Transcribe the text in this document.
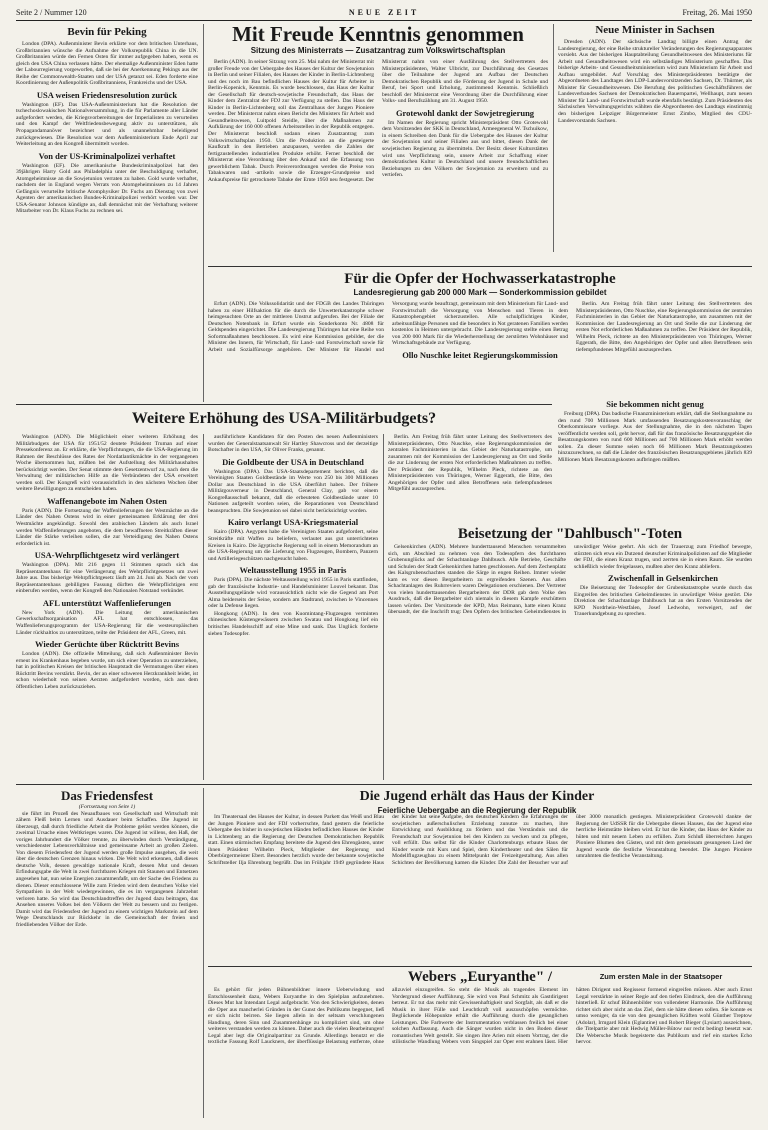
Seite 2 / Nummer 120	NEUE ZEIT	Freitag, 26. Mai 1950
Bevin für Peking

London (DPA). Außenminister Bevin erklärte vor dem britischen Unterhaus, Großbritannien wünsche die Aufnahme der Volksrepublik China in die UN. Großbritannien würde den Fernen Osten für immer aufgegeben haben, wenn es gleich den USA China verlassen hätte. Der ehemalige Außenminister Eden hatte der Labourregierung vorgeworfen, daß sie bei der Anerkennung Pekings aus der Reihe der Commonwealth-Staaten und der USA getanzt sei. Eden forderte eine Koordinierung der Außenpolitik Großbritanniens, Frankreichs und der USA.

USA weisen Friedensresolution zurück

Washington (EF). Das USA-Außenministerium hat die Resolution der tschechoslowakischen Nationalversammlung, in die für Parlamente aller Länder aufgefordert werden, die Kriegsvorbereitungen der Imperialisten zu verurteilen und den Kampf der Weltfriedensbewegung aktiv zu unterstützen, als Propagandamanöver bezeichnet und als unannehmbar beleidigend zurückgewiesen. Die Resolution war dem Außenministerium Ende April zur Weiterleitung an den Kongreß übermittelt worden.

Von der US-Kriminalpolizei verhaftet

Washington (EF). Die amerikanische Bundeskriminalpolizei hat den 39jährigen Harry Gold aus Philadelphia unter der Beschuldigung verhaftet, Atomgeheimnisse an die Sowjetunion verraten zu haben. Gold wurde verhaftet, nachdem der in England wegen Verrats von Atomgeheimnissen zu 14 Jahren Gefängnis verurteilte britische Atomphysiker Dr. Fuchs am Dienstag von zwei Agenten der amerikanischen Bundes-Kriminalpolizei verhört worden war. Der USA-Senator Johnson kündigte an, daß demnächst mit der Verhaftung weiterer Mitarbeiter von Dr. Klaus Fuchs zu rechnen sei.

Mit Freude Kenntnis genommen
Sitzung des Ministerrats — Zusatzantrag zum Volkswirtschaftsplan

Berlin (ADN). In seiner Sitzung vom 25. Mai nahm der Ministerrat mit großer Freude von der Uebergabe des Hauses der Kultur der Sowjetunion in Berlin und seiner Filialen, des Hauses der Kinder in Berlin-Lichtenberg und des noch im Bau befindlichen Hauses der Kultur für Arbeiter in Berlin-Kopenick, Kenntnis. Es wurde beschlossen, das Haus der Kultur der Gesellschaft für deutsch-sowjetische Freundschaft, das Haus der Kinder dem Zentralrat der FDJ zur Verfügung zu stellen. Das Haus der Kinder in Berlin-Lichtenberg soll das Zentralhaus der Jungen Pioniere werden. Der Ministerrat nahm einen Bericht des Ministers für Arbeit und Gesundheitswesen, Luitpold Steidle, über die Maßnahmen zur Aufklärung der 160 000 offenen Arbeitsstellen in der Republik entgegen. Der Ministerrat beschloß sodann einen Zusatzantrag zum Volkswirtschaftsplan 1950. Um die Produktion an die gesteigerte Kaufkraft in den Betrieben anzupassen, werden die Zahlen der fertigzustellenden industriellen Produkte erhöht. Ferner beschloß der Ministerrat eine Verordnung über den Ankauf und die Erfassung von gewerblichem Tabak. Durch Preisverordnungen werden die Preise von Tabakwaren und -artikeln sowie die Erzeuger-Grundpreise und Ankaufspreise für getrocknete Tabake der Ernte 1950 neu festgesetzt. Der Ministerrat nahm von einer Ausführung des Stellvertreters des Ministerpräsidenten, Walter Ulbricht, zur Durchführung des Gesetzes über die Teilnahme der Jugend am Aufbau der Deutschen Demokratischen Republik und die Förderung der Jugend in Schule und Beruf, bei Sport und Erholung, zustimmend Kenntnis. Schließlich beschloß der Ministerrat eine Verordnung über die Durchführung einer Volks- und Berufszählung am 31. August 1950.

Grotewohl dankt der Sowjetregierung

Im Namen der Regierung spricht Ministerpräsident Otto Grotewohl dem Vorsitzenden der SKK in Deutschland, Armeegeneral W. Tschuikow, in einem Schreiben den Dank für die Uebergabe des Hauses der Kultur der Sowjetunion und seiner Filialen aus und bittet, diesen Dank der sowjetischen Regierung zu übermitteln. Der Besitz dieser Kulturstätten wird uns Verpflichtung sein, unsere Arbeit zur Schaffung einer demokratischen Kultur in Deutschland und unsere freundschaftlichen Beziehungen zu den Völkern der Sowjetunion zu erweitern und zu vertiefen.

Neue Minister in Sachsen

Dresden (ADN). Der sächsische Landtag billigte einen Antrag der Landesregierung, der eine Reihe struktureller Veränderungen des Regierungsapparates vorsieht. Aus der bisherigen Hauptabteilung Gesundheitswesen des Ministeriums für Arbeit und Gesundheitswesen wird ein selbständiges Ministerium geschaffen. Das bisherige Arbeits- und Gesundheitsministerium wird zum Ministerium für Arbeit und Aufbau umgebildet. Auf Vorschlag des Ministerpräsidenten bestätigte der Abgeordneten des Landtages den LDP-Landesvorsitzenden Sachsen, Dr. Thürmer, als Minister für Gesundheitswesen. Die Berufung des politischen Geschäftsführers der Landesverbandes Sachsen der Demokratischen Bauernpartei, Wellhaupt, zum neuen Minister für Land- und Forstwirtschaft wurde ebenfalls bestätigt. Zum Präsidenten des Sächsischen Verwaltungsgerichts wählten die Abgeordneten des Landtags einstimmig den bisherigen Leipziger Bürgermeister Ernst Zimbo, Mitglied des CDU-Landesvorstands Sachsen.

Für die Opfer der Hochwasserkatastrophe
Landesregierung gab 200 000 Mark — Sonderkommission gebildet

Erfurt (ADN). Die Volkssolidarität und der FDGB des Landes Thüringen haben zu einer Hilfsaktion für die durch die Unwetterkatastrophe schwer heimgesuchten Orte an der mittleren Unstrut aufgerufen. Bei der Filiale der Deutschen Notenbank in Erfurt wurde ein Sonderkonto Nr. 4808 für Geldspenden eingerichtet. Die Landesregierung Thüringen hat eine Reihe von Sofortmaßnahmen beschlossen. Es wird eine Kommission gebildet, der die Minister des Innern, für Wirtschaft, für Land- und Forstwirtschaft sowie für Arbeit und Sozialfürsorge angehören. Der Minister für Handel und Versorgung wurde beauftragt, gemeinsam mit dem Ministerium für Land- und Forstwirtschaft die Versorgung von Menschen und Tieren in dem Katastrophengebiet sicherzustellen. Alle schulpflichtigen Kinder, arbeitsunfähige Personen und die besonders in Not geratenen Familien werden kostenlos in Heimen untergebracht. Die Landesregierung stellte einen Betrag von 200 000 Mark für die Wiederherstellung der zerstörten Wohnhäuser und Wirtschaftsgebäude zur Verfügung.

Ollo Nuschke leitet Regierungskommission

Berlin. Am Freitag früh fährt unter Leitung des Stellvertreters des Ministerpräsidenten, Otto Nuschke, eine Regierungskommission der zentralen Fachministerien in das Gebiet der Naturkatastrophe, um zusammen mit der Kommission der Landesregierung an Ort und Stelle die zur Linderung der ersten Not erforderlichen Maßnahmen zu treffen. Der Präsident der Republik, Wilhelm Pieck, richtete an den Ministerpräsidenten von Thüringen, Werner Eggerath, die Bitte, den Angehörigen der Opfer und allen Betroffenen sein tiefempfundenes Mitgefühl auszusprechen.

Sie bekommen nicht genug

Freiburg (DPA). Das badische Finanzministerium erklärt, daß die Stellungnahme zu den rund 700 Millionen Mark umfassenden Besatzungskostenvoranschlag der Oberkommissare vorliege. Aus der Stellungnahme, die in den nächsten Tagen veröffentlicht werden soll, geht hervor, daß für das französische Besatzungsgebiet die Besatzungskosten von rund 600 Millionen auf 700 Millionen Mark erhöht werden sollen. Zu dieser Summe seien noch 66 Millionen Mark Besatzungskosten hinzuzurechnen, so daß die Länder des französischen Besatzungsgebietes jährlich 839 Millionen Mark Besatzungskosten aufbringen müßten.

Weitere Erhöhung des USA-Militärbudgets?

Washington (ADN). Die Möglichkeit einer weiteren Erhöhung des Militärbudgets der USA für 1951/52 deutete Präsident Truman auf einer Pressekonferenz an. Er erklärte, die Verpflichtungen, die die USA-Regierung im Rahmen der Beschlüsse des Rates der Nordatlantikmächte in der vergangenen Woche übernommen hat, müßten bei der Aufstellung des Militärhaushaltes berücksichtigt werden. Der Senat stimmte dem Gesetzentwurf zu, nach dem die Verwaltung der militärischen Hilfe an die Verbündeten der USA erweitert werden soll. Der Kongreß wird voraussichtlich in den nächsten Wochen über weitere Bewilligungen zu entscheiden haben.

Waffenangebote im Nahen Osten

Paris (ADN). Die Fortsetzung der Waffenlieferungen der Westmächte an die Länder des Nahen Ostens wird in einer gemeinsamen Erklärung der drei Westmächte angekündigt. Sowohl den arabischen Ländern als auch Israel werden Waffenlieferungen angeboten, die dem bewaffneten Streitkräften dieser Länder die Stärke verleihen sollen, die zur Verteidigung des Nahen Ostens erforderlich ist.

USA-Wehrpflichtgesetz wird verlängert

Washington (DPA). Mit 216 gegen 11 Stimmen sprach sich das Repräsentantenhaus für eine Verlängerung des Wehrpflichtgesetzes um zwei Jahre aus. Das bisherige Wehrpflichtgesetz läuft am 24. Juni ab. Nach der vom Repräsentantenhaus gebilligten Fassung dürften die Wehrpflichtigen erst einberufen werden, wenn der Kongreß den Nationalen Notstand verkündet.

AFL unterstützt Waffenlieferungen

New York (ADN). Die Leitung der amerikanischen Gewerkschaftsorganisation AFL hat entschlossen, das Waffenlieferungsprogramm der USA-Regierung für die westeuropäischen Länder rückhaltlos zu unterstützen, teilte der Präsident der AFL, Green, mit.

Wieder Gerüchte über Rücktritt Bevins

London (ADN). Die offizielle Mitteilung, daß sich Außenminister Bevin erneut ins Krankenhaus begeben wurde, um sich einer Operation zu unterziehen, hat in politischen Kreisen der britischen Hauptstadt die Vermutungen über einen Rücktritt Bevins verstärkt. Bevin, der an einer schweren Herzkrankheit leidet, ist schon wiederholt von seinen Aerzten aufgefordert worden, sich aus dem öffentlichen Leben zurückzuziehen.

ausführlichste Kandidaten für den Posten des neuen Außenministers wurden der Generalstaatsanwalt Sir Hartley Shawcross und der derzeitige Botschafter in den USA, Sir Oliver Franks, genannt.

Die Goldbeute der USA in Deutschland

Washington (DPA). Das USA-Staatsdepartement berichtet, daß die Vereinigten Staaten Goldbestände im Werte von 250 bis 300 Millionen Dollar aus Deutschland in die USA überführt haben. Der frühere Militärgouverneur in Deutschland, General Clay, gab vor einem Kongreßausschuß bekannt, daß die erbeuteten Goldbestände unter 10 Nationen aufgeteilt worden seien, die Reparationen von Deutschland beanspruchten. Die Sowjetunion sei dabei nicht berücksichtigt worden.

Kairo verlangt USA-Kriegsmaterial

Kairo (DPA). Aegypten habe die Vereinigten Staaten aufgefordert, seine Streitkräfte mit Waffen zu beliefern, verlautet aus gut unterrichteten Kreisen in Kairo. Die ägyptische Regierung soll in einem Memorandum an die USA-Regierung um die Lieferung von Flugzeugen, Bombern, Panzern und Artilleriegeschützen nachgesucht haben.

Weltausstellung 1955 in Paris

Paris (DPA). Die nächste Weltausstellung wird 1955 in Paris stattfinden, gab der französische Industrie- und Handelsminister Louvel bekannt. Das Ausstellungsgelände wird voraussichtlich nicht wie die Gegend am Port Alma beiderseits der Seine, sondern am Stadtrand, zwischen le Vincennes oder la Defense liegen.

Hongkong (ADN). In den von Kuomintang-Flugzeugen verminten chinesischen Küstengewässern zwischen Swatau und Hongkong lief ein britisches Handelsschiff auf eine Mine und sank. Das Unglück forderte sieben Todesopfer.

Beisetzung der "Dahlbusch"-Toten

Gelsenkirchen (ADN). Mehrere hunderttausend Menschen versammelten sich, um Abschied zu nehmen von den Todesopfern des furchtbaren Grubenunglücks auf der Schachtanlage Dahlbusch. Alle Betriebe, Geschäfte und Schulen der Stadt Gelsenkirchen hatten geschlossen. Auf dem Zechenplatz des Kalsgrubenschachtes standen die Särge in engen Reihen. Immer wieder kam es vor diesen Bergarbeitern zu ergreifenden Szenen. Aus allen Schachtanlagen des Ruhrreviers waren Delegationen erschienen. Der Vertreter von vielen hunderttausenden Bergarbeitern der DDR gab dem Volke den Ausdruck, daß die Bergarbeiter sich niemals in diesem Kampfe erschüttern lassen würden. Der Vorsitzende der KPD, Max Reimann, hatte einen Kranz übersandt, der die Inschrift trug: Den Opfern des britischen Geheimdienstes in unwürdiger Weise geehrt. Als sich der Trauerzug zum Friedhof bewegte, stürzten sich etwa ein Dutzend deutscher Kriminalpolizisten auf die Mitglieder der FDJ, die einen Kranz trugen, und zerrten sie in einen Raum. Sie wurden schließlich wieder freigelassen, mußten aber den Kranz abliefern.

Zwischenfall in Gelsenkirchen

Die Beisetzung der Todesopfer der Grubenkatastrophe wurde durch das Eingreifen des britischen Geheimdienstes in unwürdiger Weise gestört. Die Direktion der Schachtanlage Dahlbusch hat an den Ersten Vorsitzenden der KPD Nordrhein-Westfalen, Josef Ledwohn, verweigert, auf der Trauerkundgebung zu sprechen.

Berlin. Am Freitag früh fährt unter Leitung des Stellvertreters des Ministerpräsidenten, Otto Nuschke, eine Regierungskommission der zentralen Fachministerien in das Gebiet der Naturkatastrophe, um zusammen mit der Kommission der Landesregierung an Ort und Stelle die zur Linderung der ersten Not erforderlichen Maßnahmen zu treffen. Der Präsident der Republik, Wilhelm Pieck, richtete an den Ministerpräsidenten von Thüringen, Werner Eggerath, die Bitte, den Angehörigen der Opfer und allen Betroffenen sein tiefempfundenes Mitgefühl auszusprechen.

Das Friedensfest
(Fortsetzung von Seite 1)

sie führt im Prozeß des Neuaufbaues von Gesellschaft und Wirtschaft mit zähem Fleiß beim Lernen und Ausdauer beim Schaffen. Die Jugend ist überzeugt, daß durch friedliche Arbeit die Probleme gelöst werden können, die zweimal Ursache eines Weltkrieges waren. Die Jugend ist willens, den Haß, der voriges Jahrhundert die Völker trennte, zu überwinden durch Verständigung, verschiedenster Lebensverhältnisse und gemeinsame Arbeit an großen Zielen. Von diesem Friedensfest der Jugend werden große Impulse ausgehen, die weit über die deutschen Grenzen hinaus wirken. Die Welt wird erkennen, daß dieses deutsche Volk, dessen gewaltige nationale Kraft, dessen Mut und dessen Erfindungsgabe die Welt in zwei furchtbaren Kriegen mit Staunen und Entsetzen angesehen hat, nun seine Energien zusammenfaßt, um der Sache des Friedens zu dienen. Dieser entschlossene Wille zum Frieden wird dem deutschen Volke viel Sympathien in der Welt wiedergewinnen, die es im vergangenen Jahrzehnt verloren hatte. So wird das Deutschlandtreffen der Jugend dazu beitragen, das Ansehen unseres Volkes bei den Völkern der Welt zu bessern und zu festigen. Damit wird das Friedensfest der Jugend zu einem wichtigen Markstein auf dem Wege Deutschlands zur Rückkehr in die Gemeinschaft der freien und friedliebenden Völker der Erde.

Die Jugend erhält das Haus der Kinder
Feierliche Uebergabe an die Regierung der Republik

Im Theatersaal des Hauses der Kultur, in dessen Parkett das Weiß und Blau der Jungen Pioniere und der FDJ vorherrschte, fand gestern die feierliche Uebergabe des bisher in sowjetischen Händen befindlichen Hauses der Kinder in Lichtenberg an die Regierung der Deutschen Demokratischen Republik statt. Einen stürmischen Empfang bereitete die Jugend den Ehrengästen, unter ihnen Präsident Wilhelm Pieck, Mitglieder der Regierung und Oberbürgermeister Ebert. Besonders herzlich wurde der bekannte sowjetische Schriftsteller Ilja Ehrenburg begrüßt. Das im Frühjahr 1949 gegründete Haus der Kinder hat seine Aufgabe, den deutschen Kindern die Erfahrungen der sowjetischen außerschulischen Erziehung zunutze zu machen, ihre Entwicklung und Ausbildung zu fördern und das Verständnis und die Freundschaft zur Sowjetunion bei den Kindern zu wecken und zu pflegen, voll erfüllt. Das selbst für die Kinder Charlottenburgs erbaute Haus der Kinder wurde mit Kurs und Spiel, dem Kindertheater und den Sälen für Modellflugzeugbau zu einem Mittelpunkt der Freizeitgestaltung. Aus allen Schichten der Bevölkerung kamen die Kinder. Die Zahl der Besucher war auf über 3000 monatlich gestiegen. Ministerpräsident Grotewohl dankte der Regierung der UdSSR für die Uebergabe dieses Hauses, das der Jugend eine herrliche Heimstätte bleiben wird. Er bat die Kinder, das Haus der Kinder zu hüten und mit neuem Leben zu erfüllen. Zum Schluß überreichten Jungen Pioniere Blumen den Gästen, und mit dem gemeinsam gesungenen Lied der Jugend wurde die festliche Veranstaltung beendet. Die Jungen Pioniere umrahmten die festliche Veranstaltung.

Webers „Euryanthe" /

Es gehört für jeden Bühnenbildner innere Ueberwindung und Entschlossenheit dazu, Webers Euryanthe in den Spielplan aufzunehmen. Dieses Mut hat Intendant Legal aufgebracht. Von den Schwierigkeiten, denen die Oper aus mancherlei Gründen in der Gunst des Publikums begegnet, ließ er sich nicht beirren. Sie liegen allein in der seltsam verschlungenen Handlung, deren Sinn und Zusammenhänge zu kompliziert sind, um ohne weiteres verstanden werden zu können. Daher auch die vielen Bearbeitungen! Legal aber legt die Originalpartitur zu Grunde. Allerdings benutzt er die textliche Fassung Rolf Lauckners, der überflüssige Belastung entfernte, ohne allzuviel einzugreifen. So steht die Musik als tragendes Element im Vordergrund dieser Aufführung. Sie wird von Paul Schmitz als Gastdirigent betreut. Er tut das mehr mit Gewissenhaftigkeit und Sorgfalt, als daß er die Musik in ihrer Fülle und Leuchtkraft voll auszuschöpfen vermöchte. Beglückende Höhepunkte erhält die Aufführung durch die gesanglichen Leistungen. Die Farbwerte der Instrumentation verblassen freilich bei einer solchen Auffassung. Auch die Sänger wurden nicht in den Boden dieser romantischen Welt gestellt. Sie singen ihre Arien mit einem Vortrag, der die stilistische Wandlung Webers vom Singspiel zur Oper erst erahnen lässt. Hier hätten Dirigent und Regisseur formend eingreifen müssen. Aber auch Ernst Legal verstärkte in seiner Regie auf den tiefen Eindruck, den die Aufführung hinterließ. Er schuf Bühnenbilder von vollendeter Harmonie. Die Aufführung richtet sich aber nicht an das Ziel, dem sie hätte dienen sollen. Sie konnte es umso weniger, da sie von den gesanglichen Kräften wohl Günther Treptow (Adolar), Irmgard Klein (Eglantine) und Robert Bieger (Lysiart) auszeichnen, die Titelpartie aber mit Hedwig Müller-Bütow nur recht bedingt besetzt war. Die Webersche Musik begeisterte das Publikum und rief ein starkes Echo hervor.

Zum ersten Male in der Staatsoper
